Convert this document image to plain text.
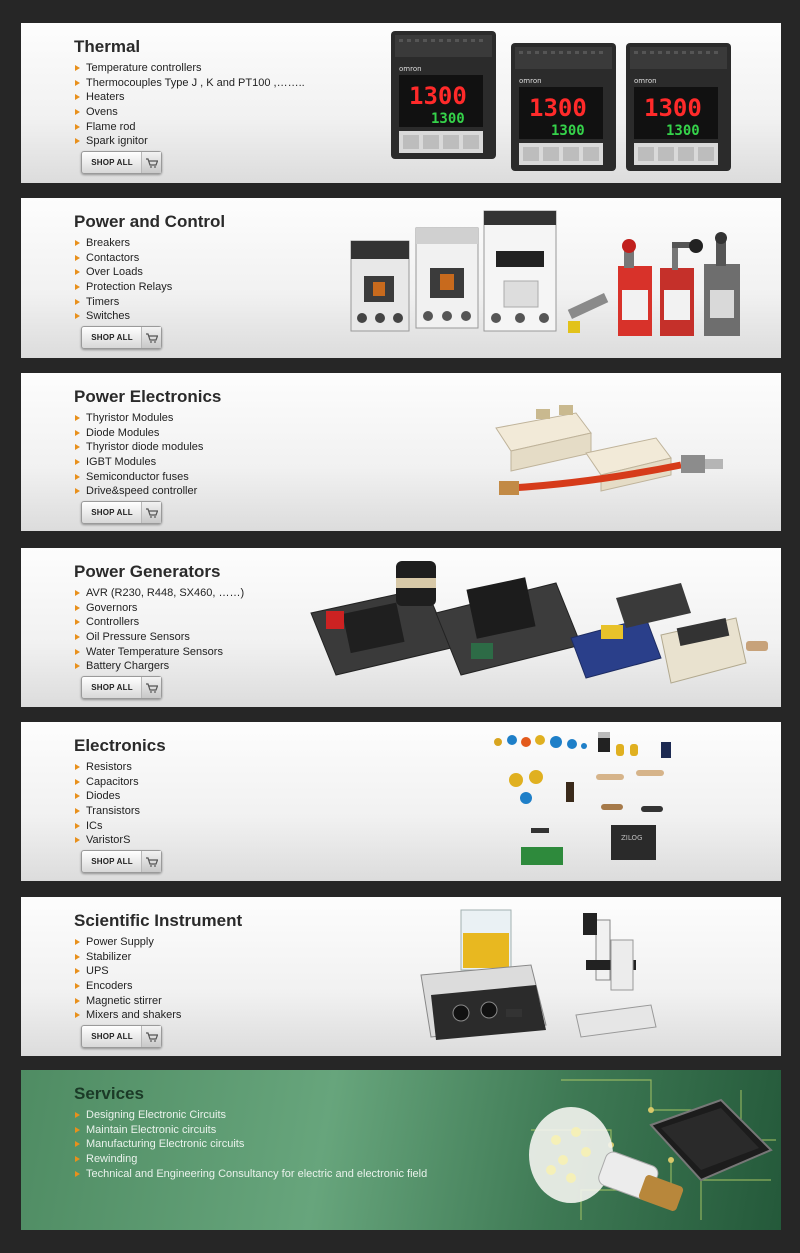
Thermal
Temperature controllers
Thermocouples Type J , K and PT100 ,……..
Heaters
Ovens
Flame rod
Spark ignitor
SHOP ALL
omron
1300
1300
Power and Control
Breakers
Contactors
Over Loads
Protection Relays
Timers
Switches
SHOP ALL
Power Electronics
Thyristor Modules
Diode Modules
Thyristor diode modules
IGBT Modules
Semiconductor fuses
Drive&speed controller
SHOP ALL
Power Generators
AVR (R230, R448, SX460, ……)
Governors
Controllers
Oil Pressure Sensors
Water Temperature Sensors
Battery Chargers
SHOP ALL
Electronics
Resistors
Capacitors
Diodes
Transistors
ICs
VaristorS
SHOP ALL
ZILOG
Scientific Instrument
Power Supply
Stabilizer
UPS
Encoders
Magnetic stirrer
Mixers and shakers
SHOP ALL
Services
Designing Electronic Circuits
Maintain Electronic circuits
Manufacturing Electronic circuits
Rewinding
Technical and Engineering Consultancy for electric and electronic field
